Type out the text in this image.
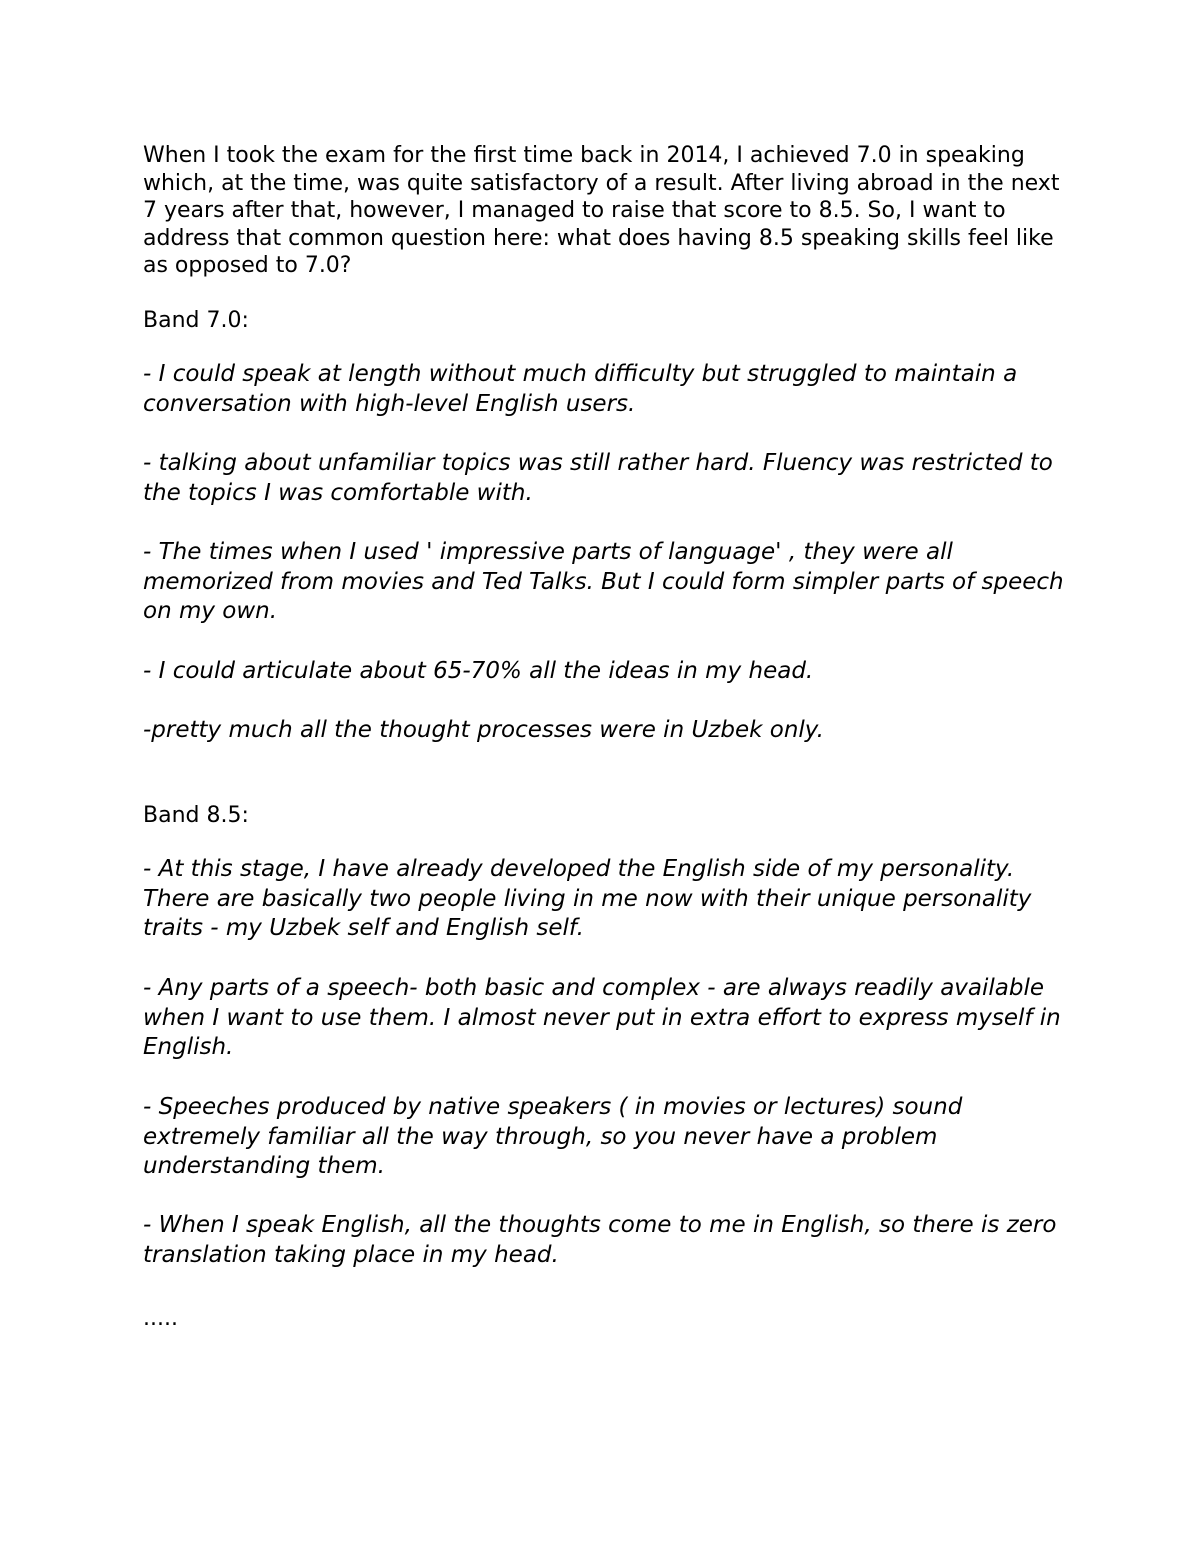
When I took the exam for the first time back in 2014, I achieved 7.0 in speaking which, at the time, was quite satisfactory of a result. After living abroad in the next 7 years after that, however, I managed to raise that score to 8.5. So, I want to address that common question here: what does having 8.5 speaking skills feel like as opposed to 7.0?

Band 7.0:

- I could speak at length without much difficulty but struggled to maintain a conversation with high-level English users.

- talking about unfamiliar topics was still rather hard. Fluency was restricted to the topics I was comfortable with.

- The times when I used ' impressive parts of language' , they were all memorized from movies and Ted Talks. But I could form simpler parts of speech on my own.

- I could articulate about 65-70% all the ideas in my head.

-pretty much all the thought processes were in Uzbek only.

Band 8.5:

- At this stage, I have already developed the English side of my personality. There are basically two people living in me now with their unique personality traits - my Uzbek self and English self.

- Any parts of a speech- both basic and complex - are always readily available when I want to use them. I almost never put in extra effort to express myself in English.

- Speeches produced by native speakers ( in movies or lectures) sound extremely familiar all the way through, so you never have a problem understanding them.

- When I speak English, all the thoughts come to me in English, so there is zero translation taking place in my head.

.....
